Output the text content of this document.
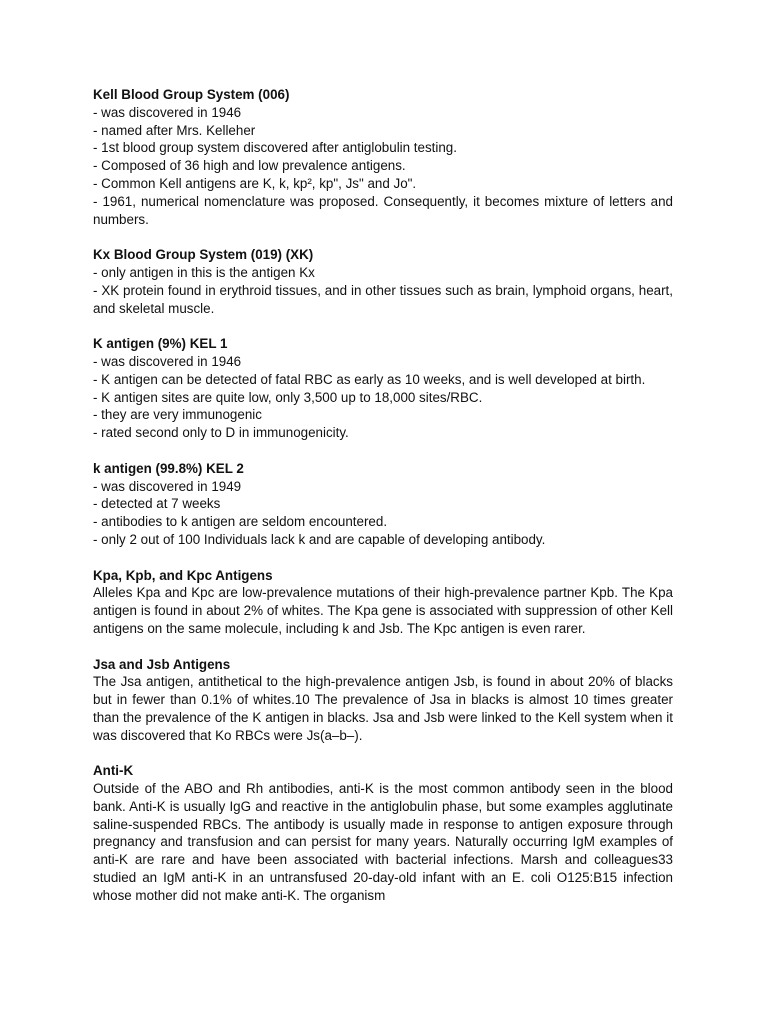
Kell Blood Group System (006)
- was discovered in 1946
- named after Mrs. Kelleher
- 1st blood group system discovered after antiglobulin testing.
- Composed of 36 high and low prevalence antigens.
- Common Kell antigens are K, k, kp², kp", Js" and Jo".
- 1961, numerical nomenclature was proposed. Consequently, it becomes mixture of letters and numbers.
Kx Blood Group System (019) (XK)
- only antigen in this is the antigen Kx
- XK protein found in erythroid tissues, and in other tissues such as brain, lymphoid organs, heart, and skeletal muscle.
K antigen (9%) KEL 1
- was discovered in 1946
- K antigen can be detected of fatal RBC as early as 10 weeks, and is well developed at birth.
- K antigen sites are quite low, only 3,500 up to 18,000 sites/RBC.
- they are very immunogenic
- rated second only to D in immunogenicity.
k antigen (99.8%) KEL 2
- was discovered in 1949
- detected at 7 weeks
- antibodies to k antigen are seldom encountered.
- only 2 out of 100 Individuals lack k and are capable of developing antibody.
Kpa, Kpb, and Kpc Antigens
Alleles Kpa and Kpc are low-prevalence mutations of their high-prevalence partner Kpb. The Kpa antigen is found in about 2% of whites. The Kpa gene is associated with suppression of other Kell antigens on the same molecule, including k and Jsb. The Kpc antigen is even rarer.
Jsa and Jsb Antigens
The Jsa antigen, antithetical to the high-prevalence antigen Jsb, is found in about 20% of blacks but in fewer than 0.1% of whites.10 The prevalence of Jsa in blacks is almost 10 times greater than the prevalence of the K antigen in blacks. Jsa and Jsb were linked to the Kell system when it was discovered that Ko RBCs were Js(a–b–).
Anti-K
Outside of the ABO and Rh antibodies, anti-K is the most common antibody seen in the blood bank. Anti-K is usually IgG and reactive in the antiglobulin phase, but some examples agglutinate saline-suspended RBCs. The antibody is usually made in response to antigen exposure through pregnancy and transfusion and can persist for many years. Naturally occurring IgM examples of anti-K are rare and have been associated with bacterial infections. Marsh and colleagues33 studied an IgM anti-K in an untransfused 20-day-old infant with an E. coli O125:B15 infection whose mother did not make anti-K. The organism
